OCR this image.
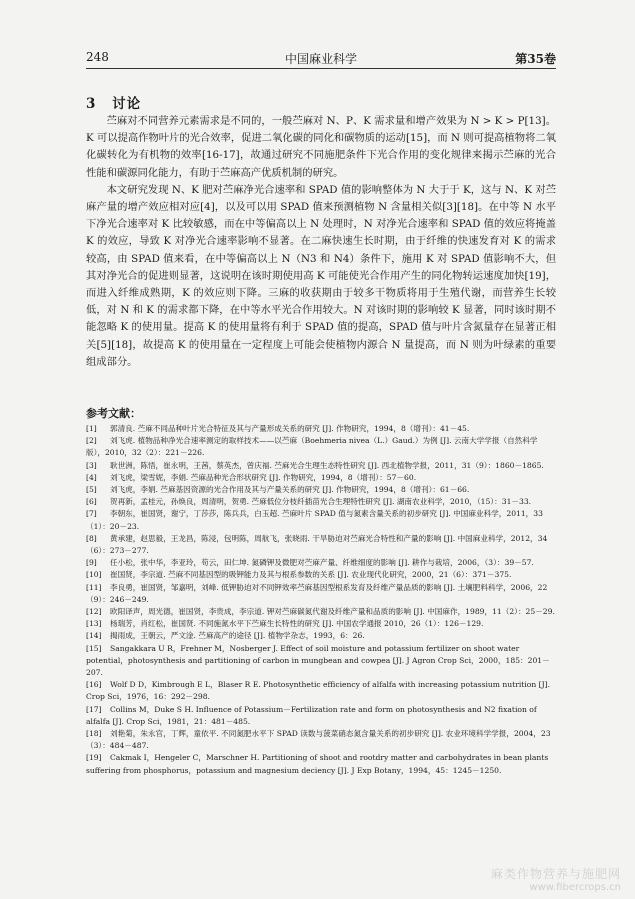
248	中国麻业科学	第35卷
3 讨论

苎麻对不同营养元素需求是不同的，一般苎麻对 N、P、K 需求量和增产效果为 N > K > P[13]。K 可以提高作物叶片的光合效率，促进二氧化碳的同化和碳物质的运动[15]，而 N 则可提高植物将二氧化碳转化为有机物的效率[16-17]，故通过研究不同施肥条件下光合作用的变化规律来揭示苎麻的光合性能和碳源同化能力，有助于苎麻高产优质机制的研究。

本文研究发现 N、K 肥对苎麻净光合速率和 SPAD 值的影响整体为 N 大于于 K，这与 N、K 对苎麻产量的增产效应相对应[4]，以及可以用 SPAD 值来预测植物 N 含量相关似[3][18]。在中等 N 水平下净光合速率对 K 比较敏感，而在中等偏高以上 N 处理时，N 对净光合速率和 SPAD 值的效应将掩盖 K 的效应，导致 K 对净光合速率影响不显著。在二麻快速生长时期，由于纤维的快速发育对 K 的需求较高，由 SPAD 值来看，在中等偏高以上 N（N3 和 N4）条件下，施用 K 对 SPAD 值影响不大，但其对净光合的促进则显著，这说明在该时期使用高 K 可能使光合作用产生的同化物转运速度加快[19]，而进入纤维成熟期，K 的效应则下降。三麻的收获期由于较多干物质将用于生殖代谢，而营养生长较低，对 N 和 K 的需求都下降，在中等水平光合作用较大。N 对该时期的影响较 K 显著，同时该时期不能忽略 K 的使用量。提高 K 的使用量将有利于 SPAD 值的提高，SPAD 值与叶片含氮量存在显著正相关[5][18]，故提高 K 的使用量在一定程度上可能会使植物内源合 N 量提高，而 N 则为叶绿素的重要组成部分。

参考文献：

[1] 郭清良. 苎麻不同品种叶片光合特征及其与产量形成关系的研究 [J]. 作物研究，1994，8（增刊）：41－45.

[2] 刘飞虎. 植物品种净光合速率测定的取样技术——以苎麻（Boehmeria nivea（L.）Gaud.）为例 [J]. 云南大学学报（自然科学版），2010，32（2）：221－226.

[3] 耿世洲，陈悟，崔永明，王茜，蔡英杰，曾庆福. 苎麻光合生理生态特性研究 [J]. 西北植物学报，2011，31（9）：1860－1865.

[4] 刘飞虎，梁雪妮，李娟. 苎麻品种光合形状研究 [J]. 作物研究，1994，8（增刊）：57－60.

[5] 刘飞虎，李娟. 苎麻基因资源的光合作用及其与产量关系的研究 [J]. 作物研究，1994，8（增刊）：61－66.

[6] 贺再新，孟桂元，孙焕良，周清明，贺勇. 苎麻低位分枝纤插苗光合生理特性研究 [J]. 湖南农业科学，2010，（15）：31－33.

[7] 李朝东，崔国贤，谢宁，丁莎莎，陈兵兵，白玉超. 苎麻叶片 SPAD 值与氮素含量关系的初步研究 [J]. 中国麻业科学，2011，33（1）：20－23.

[8] 黄承建，赵思毅，王龙昌，陈浸，包明陈，周航飞，张晓雨. 干旱胁迫对苎麻光合特性和产量的影响 [J]. 中国麻业科学，2012，34（6）：273－277.

[9] 任小松，张中华，李亚玲，苟云，田仁坤. 氮磷钾及微肥对苎麻产量、纤维细度的影响 [J]. 耕作与栽培，2006，（3）：39－57.

[10] 崔国贤，李宗道. 苎麻不同基因型的吸钾能力及其与根系参数的关系 [J]. 农业现代化研究，2000，21（6）：371－375.

[11] 李良勇，崔国贤，邹嘉明，刘峰. 低钾胁迫对不同钾效率苎麻基因型根系发育及纤维产量品质的影响 [J]. 土壤肥料科学，2006，22（9）：246－249.

[12] 欧阳译声，周光德，崔国贤，李贵成，李宗道. 钾对苎麻碳氮代谢及纤维产量和品质的影响 [J]. 中国麻作，1989，11（2）：25－29.

[13] 杨瑞芳，肖红松，崔国贤. 不同施氮水平下苎麻生长特性的研究 [J]. 中国农学通报 2010，26（1）：126－129.

[14] 揭雨成，王朝云，严文淦. 苎麻高产的途径 [J]. 植物学杂志，1993，6：26.

[15] Sangakkara U R，Frehner M，Nosberger J. Effect of soil moisture and potassium fertilizer on shoot water potential，photosynthesis and partitioning of carbon in mungbean and cowpea [J]. J Agron Crop Sci，2000，185：201－207.

[16] Wolf D D，Kimbrough E L，Blaser R E. Photosynthetic efficiency of alfalfa with increasing potassium nutrition [J]. Crop Sci，1976，16：292－298.

[17] Collins M，Duke S H. Influence of Potassium－Fertilization rate and form on photosynthesis and N2 fixation of alfalfa [J]. Crop Sci，1981，21：481－485.

[18] 刘艳菊，朱永官，丁辉，童依平. 不同氮肥水平下 SPAD 读数与菠菜硝态氮含量关系的初步研究 [J]. 农业环境科学学报，2004，23（3）：484－487.

[19] Cakmak I，Hengeler C，Marschner H. Partitioning of shoot and rootdry matter and carbohydrates in bean plants suffering from phosphorus，potassium and magnesium deciency [J]. J Exp Botany，1994，45：1245－1250.

麻类作物营养与施肥网
www.fibercrops.cn
